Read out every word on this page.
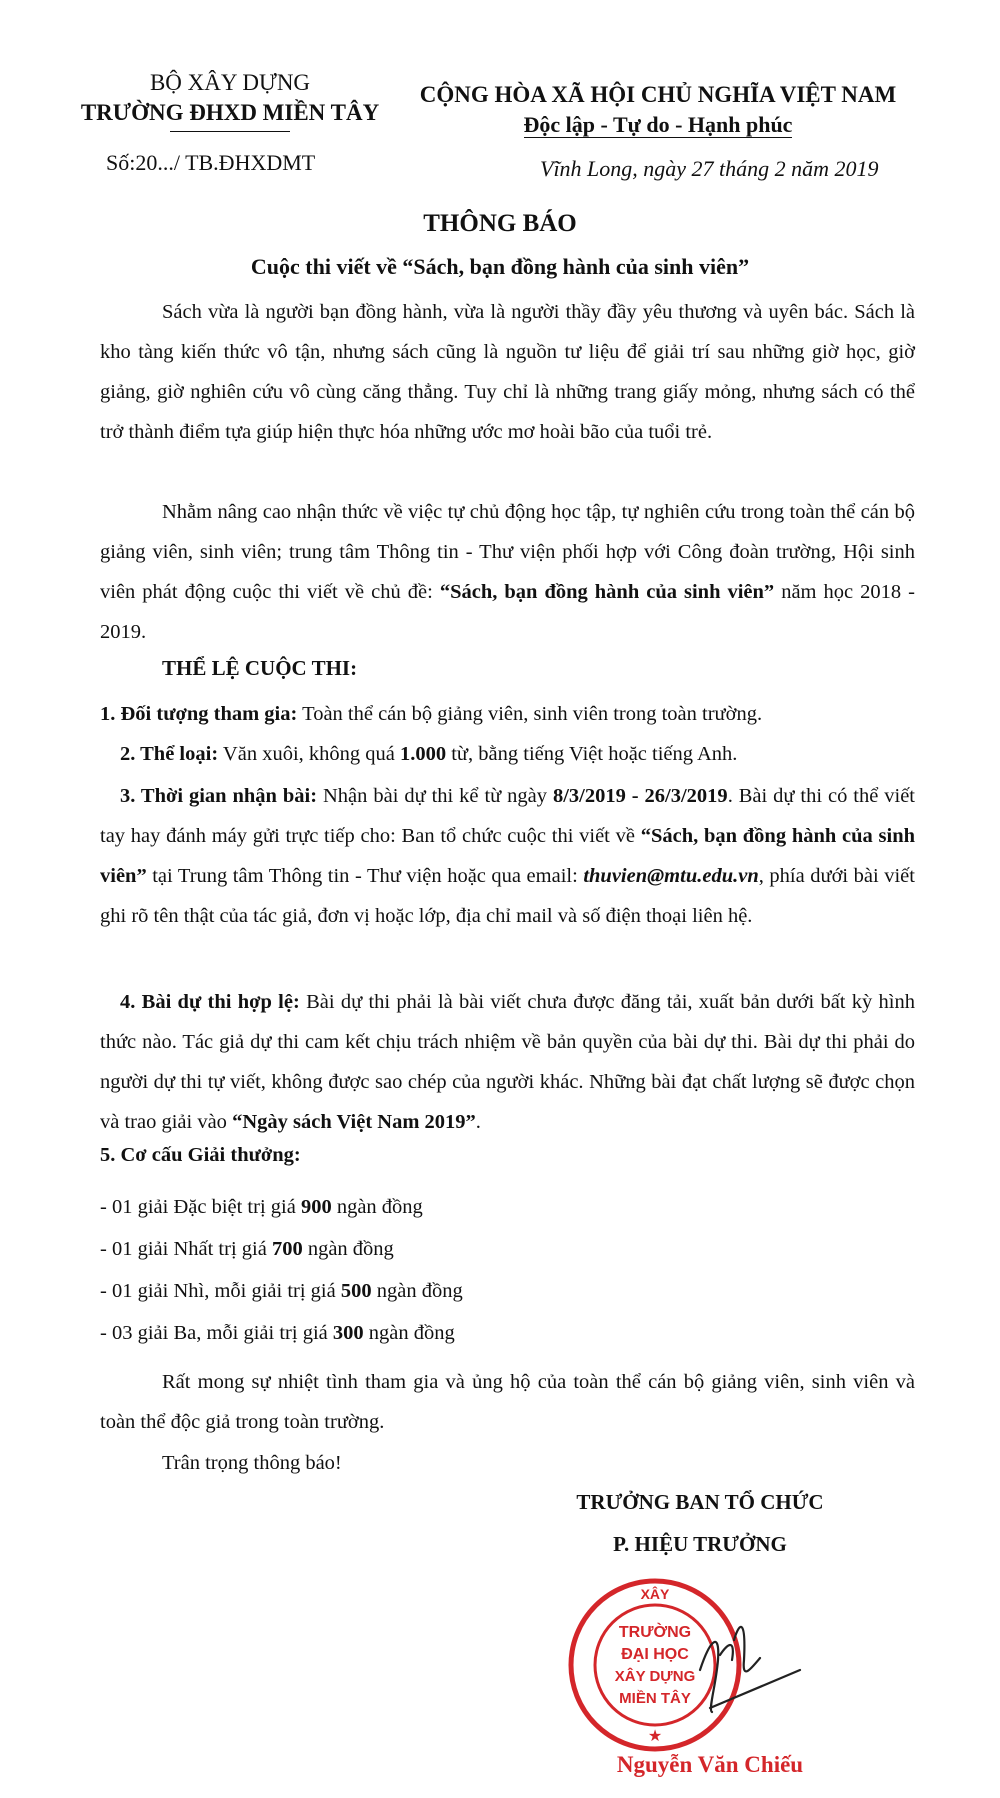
BỘ XÂY DỰNG
TRƯỜNG ĐHXD MIỀN TÂY
Số:20.../ TB.ĐHXDMT
CỘNG HÒA XÃ HỘI CHỦ NGHĨA VIỆT NAM
Độc lập - Tự do - Hạnh phúc
Vĩnh Long, ngày 27 tháng 2 năm 2019
THÔNG BÁO
Cuộc thi viết về “Sách, bạn đồng hành của sinh viên”

Sách vừa là người bạn đồng hành, vừa là người thầy đầy yêu thương và uyên bác. Sách là kho tàng kiến thức vô tận, nhưng sách cũng là nguồn tư liệu để giải trí sau những giờ học, giờ giảng, giờ nghiên cứu vô cùng căng thẳng. Tuy chỉ là những trang giấy mỏng, nhưng sách có thể trở thành điểm tựa giúp hiện thực hóa những ước mơ hoài bão của tuổi trẻ.

Nhằm nâng cao nhận thức về việc tự chủ động học tập, tự nghiên cứu trong toàn thể cán bộ giảng viên, sinh viên; trung tâm Thông tin - Thư viện phối hợp với Công đoàn trường, Hội sinh viên phát động cuộc thi viết về chủ đề: “Sách, bạn đồng hành của sinh viên” năm học 2018 - 2019.

THỂ LỆ CUỘC THI:
1. Đối tượng tham gia: Toàn thể cán bộ giảng viên, sinh viên trong toàn trường.
2. Thể loại: Văn xuôi, không quá 1.000 từ, bằng tiếng Việt hoặc tiếng Anh.
3. Thời gian nhận bài: Nhận bài dự thi kể từ ngày 8/3/2019 - 26/3/2019. Bài dự thi có thể viết tay hay đánh máy gửi trực tiếp cho: Ban tổ chức cuộc thi viết về “Sách, bạn đồng hành của sinh viên” tại Trung tâm Thông tin - Thư viện hoặc qua email: thuvien@mtu.edu.vn, phía dưới bài viết ghi rõ tên thật của tác giả, đơn vị hoặc lớp, địa chỉ mail và số điện thoại liên hệ.
4. Bài dự thi hợp lệ: Bài dự thi phải là bài viết chưa được đăng tải, xuất bản dưới bất kỳ hình thức nào. Tác giả dự thi cam kết chịu trách nhiệm về bản quyền của bài dự thi. Bài dự thi phải do người dự thi tự viết, không được sao chép của người khác. Những bài đạt chất lượng sẽ được chọn và trao giải vào “Ngày sách Việt Nam 2019”.
5. Cơ cấu Giải thưởng:
- 01 giải Đặc biệt trị giá 900 ngàn đồng
- 01 giải Nhất trị giá 700 ngàn đồng
- 01 giải Nhì, mỗi giải trị giá 500 ngàn đồng
- 03 giải Ba, mỗi giải trị giá 300 ngàn đồng

Rất mong sự nhiệt tình tham gia và ủng hộ của toàn thể cán bộ giảng viên, sinh viên và toàn thể độc giả trong toàn trường.

Trân trọng thông báo!
TRƯỞNG BAN TỔ CHỨC
P. HIỆU TRƯỞNG
XÂY
TRƯỜNG
ĐẠI HỌC
XÂY DỰNG
MIỀN TÂY
★
Nguyễn Văn Chiếu
